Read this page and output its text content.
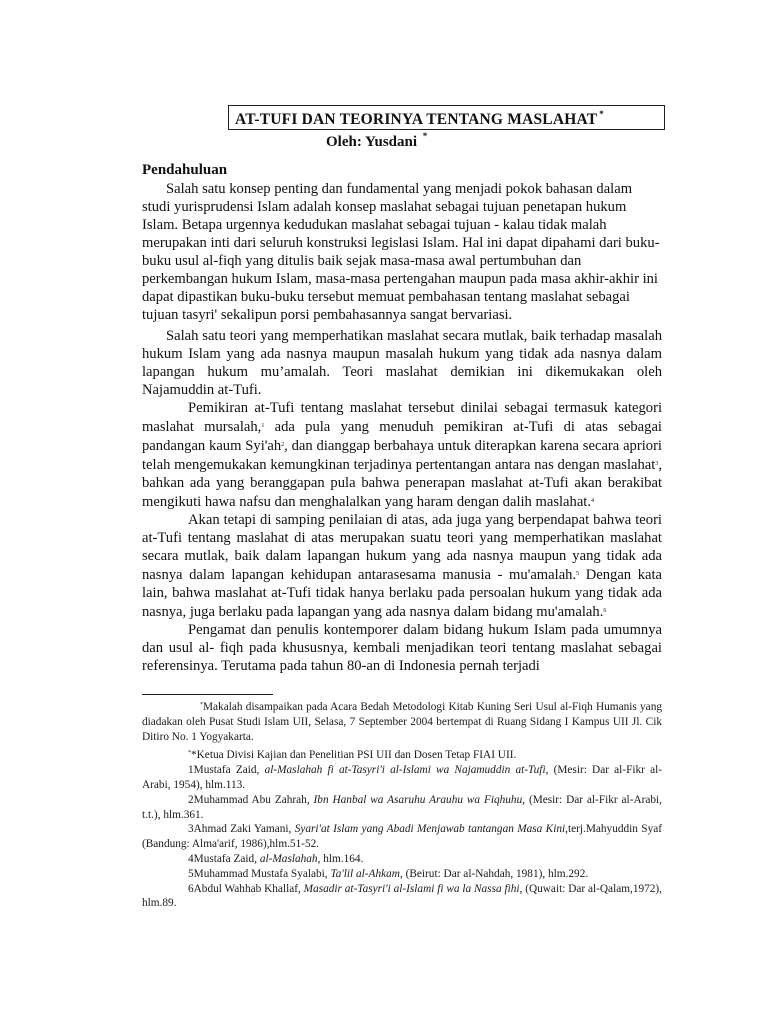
AT-TUFI DAN TEORINYA TENTANG MASLAHAT *
Oleh: Yusdani *
Pendahuluan

Salah satu konsep penting dan fundamental yang menjadi pokok bahasan dalam studi yurisprudensi Islam adalah konsep maslahat sebagai tujuan penetapan hukum Islam. Betapa urgennya kedudukan maslahat sebagai tujuan - kalau tidak malah merupakan inti dari seluruh konstruksi legislasi Islam. Hal ini dapat dipahami dari buku-buku usul al-fiqh yang ditulis baik sejak masa-masa awal pertumbuhan dan perkembangan hukum Islam, masa-masa pertengahan maupun pada masa akhir-akhir ini dapat dipastikan buku-buku tersebut memuat pembahasan tentang maslahat sebagai tujuan tasyri' sekalipun porsi pembahasannya sangat bervariasi.

Salah satu teori yang memperhatikan maslahat secara mutlak, baik terhadap masalah hukum Islam yang ada nasnya maupun masalah hukum yang tidak ada nasnya dalam lapangan hukum mu’amalah. Teori maslahat demikian ini dikemukakan oleh Najamuddin at-Tufi.

Pemikiran at-Tufi tentang maslahat tersebut dinilai sebagai termasuk kategori maslahat mursalah,$^1$ ada pula yang menuduh pemikiran at-Tufi di atas sebagai pandangan kaum Syi'ah$^2$, dan dianggap berbahaya untuk diterapkan karena secara apriori telah mengemukakan kemungkinan terjadinya pertentangan antara nas dengan maslahat$^3$, bahkan ada yang beranggapan pula bahwa penerapan maslahat at-Tufi akan berakibat mengikuti hawa nafsu dan menghalalkan yang haram dengan dalih maslahat.$^4$

Akan tetapi di samping penilaian di atas, ada juga yang berpendapat bahwa teori at-Tufi tentang maslahat di atas merupakan suatu teori yang memperhatikan maslahat secara mutlak, baik dalam lapangan hukum yang ada nasnya maupun yang tidak ada nasnya dalam lapangan kehidupan antarasesama manusia - mu'amalah.$^5$ Dengan kata lain, bahwa maslahat at-Tufi tidak hanya berlaku pada persoalan hukum yang tidak ada nasnya, juga berlaku pada lapangan yang ada nasnya dalam bidang mu'amalah.$^6$

Pengamat dan penulis kontemporer dalam bidang hukum Islam pada umumnya dan usul al- fiqh pada khususnya, kembali menjadikan teori tentang maslahat sebagai referensinya. Terutama pada tahun 80-an di Indonesia pernah terjadi

*Makalah disampaikan pada Acara Bedah Metodologi Kitab Kuning Seri Usul al-Fiqh Humanis yang diadakan oleh Pusat Studi Islam UII, Selasa, 7 September 2004 bertempat di Ruang Sidang I Kampus UII Jl. Cik Ditiro No. 1 Yogyakarta.

**Ketua Divisi Kajian dan Penelitian PSI UII dan Dosen Tetap FIAI UII.

1Mustafa Zaid, al-Maslahah fi at-Tasyri'i al-Islami wa Najamuddin at-Tufi, (Mesir: Dar al-Fikr al-Arabi, 1954), hlm.113.

2Muhammad Abu Zahrah, Ibn Hanbal wa Asaruhu Arauhu wa Fiqhuhu, (Mesir: Dar al-Fikr al-Arabi, t.t.), hlm.361.

3Ahmad Zaki Yamani, Syari'at Islam yang Abadi Menjawab tantangan Masa Kini,terj.Mahyuddin Syaf (Bandung: Alma'arif, 1986),hlm.51-52.

4Mustafa Zaid, al-Maslahah, hlm.164.

5Muhammad Mustafa Syalabi, Ta'lil al-Ahkam, (Beirut: Dar al-Nahdah, 1981), hlm.292.

6Abdul Wahhab Khallaf, Masadir at-Tasyri'i al-Islami fi wa la Nassa fihi, (Quwait: Dar al-Qalam,1972), hlm.89.
